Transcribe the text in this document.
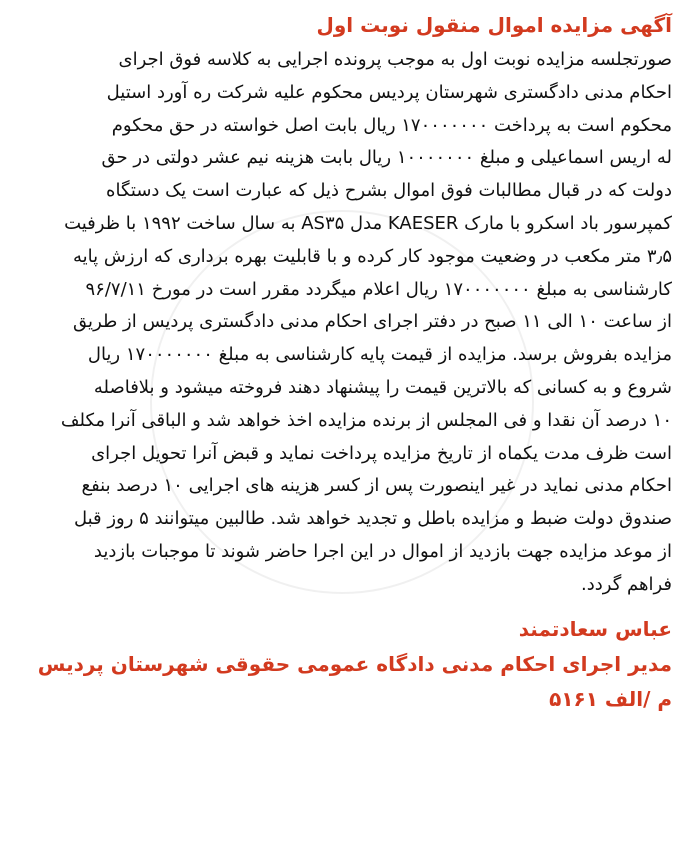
آگهی مزایده اموال منقول نوبت اول
صورتجلسه مزایده نوبت اول به موجب پرونده اجرایی به کلاسه فوق اجرای
احکام مدنی دادگستری شهرستان پردیس محکوم علیه شرکت ره آورد استیل
محکوم است به پرداخت ۱۷۰۰۰۰۰۰۰ ریال بابت اصل خواسته در حق محکوم
له اریس اسماعیلی و مبلغ ۱۰۰۰۰۰۰۰ ریال بابت هزینه نیم عشر دولتی در حق
دولت که در قبال مطالبات فوق اموال بشرح ذیل که عبارت است یک دستگاه
کمپرسور باد اسکرو با مارک KAESER مدل AS۳۵ به سال ساخت ۱۹۹۲ با ظرفیت
۳٫۵ متر مکعب در وضعیت موجود کار کرده و با قابلیت بهره برداری که ارزش پایه
کارشناسی به مبلغ ۱۷۰۰۰۰۰۰۰ ریال اعلام میگردد مقرر است در مورخ ۹۶/۷/۱۱
از ساعت ۱۰ الی ۱۱ صبح در دفتر اجرای احکام مدنی دادگستری پردیس از طریق
مزایده بفروش برسد. مزایده از قیمت پایه کارشناسی به مبلغ ۱۷۰۰۰۰۰۰۰ ریال
شروع و به کسانی که بالاترین قیمت را پیشنهاد دهند فروخته میشود و بلافاصله
۱۰ درصد آن نقدا و فی المجلس از برنده مزایده اخذ خواهد شد و الباقی آنرا مکلف
است ظرف مدت یکماه از تاریخ مزایده پرداخت نماید و قبض آنرا تحویل اجرای
احکام مدنی نماید در غیر اینصورت پس از کسر هزینه های اجرایی ۱۰ درصد بنفع
صندوق دولت ضبط و مزایده باطل و تجدید خواهد شد. طالبین میتوانند ۵ روز قبل
از موعد مزایده جهت بازدید از اموال در این اجرا حاضر شوند تا موجبات بازدید
فراهم گردد.
عباس سعادتمند
مدیر اجرای احکام مدنی دادگاه عمومی حقوقی شهرستان پردیس
م /الف ۵۱۶۱
